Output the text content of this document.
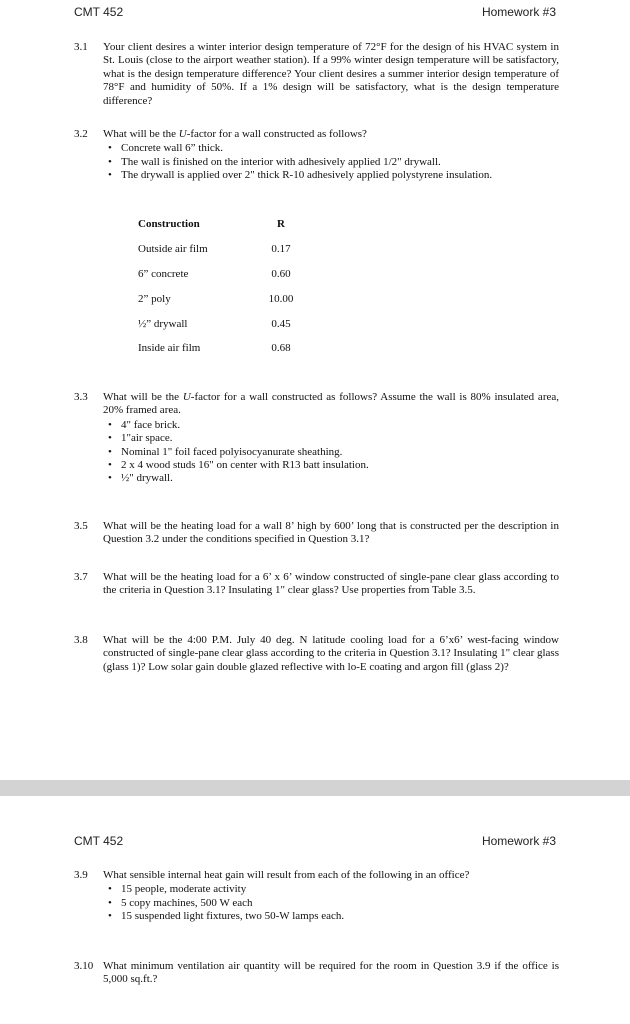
CMT 452	Homework #3
3.1	Your client desires a winter interior design temperature of 72°F for the design of his HVAC system in St. Louis (close to the airport weather station). If a 99% winter design temperature will be satisfactory, what is the design temperature difference? Your client desires a summer interior design temperature of 78°F and humidity of 50%. If a 1% design will be satisfactory, what is the design temperature difference?
3.2	What will be the U-factor for a wall constructed as follows?
• Concrete wall 6” thick.
• The wall is finished on the interior with adhesively applied 1/2" drywall.
• The drywall is applied over 2" thick R-10 adhesively applied polystyrene insulation.
Construction	R
Outside air film	0.17
6” concrete	0.60
2” poly	10.00
½” drywall	0.45
Inside air film	0.68
3.3	What will be the U-factor for a wall constructed as follows? Assume the wall is 80% insulated area, 20% framed area.
• 4" face brick.
• 1"air space.
• Nominal 1" foil faced polyisocyanurate sheathing.
• 2 x 4 wood studs 16" on center with R13 batt insulation.
• ½" drywall.
3.5	What will be the heating load for a wall 8’ high by 600’ long that is constructed per the description in Question 3.2 under the conditions specified in Question 3.1?
3.7	What will be the heating load for a 6’ x 6’ window constructed of single-pane clear glass according to the criteria in Question 3.1? Insulating 1" clear glass? Use properties from Table 3.5.
3.8	What will be the 4:00 P.M. July 40 deg. N latitude cooling load for a 6’x6’ west-facing window constructed of single-pane clear glass according to the criteria in Question 3.1? Insulating 1" clear glass (glass 1)? Low solar gain double glazed reflective with lo-E coating and argon fill (glass 2)?
CMT 452	Homework #3
3.9	What sensible internal heat gain will result from each of the following in an office?
• 15 people, moderate activity
• 5 copy machines, 500 W each
• 15 suspended light fixtures, two 50-W lamps each.
3.10 What minimum ventilation air quantity will be required for the room in Question 3.9 if the office is 5,000 sq.ft.?
